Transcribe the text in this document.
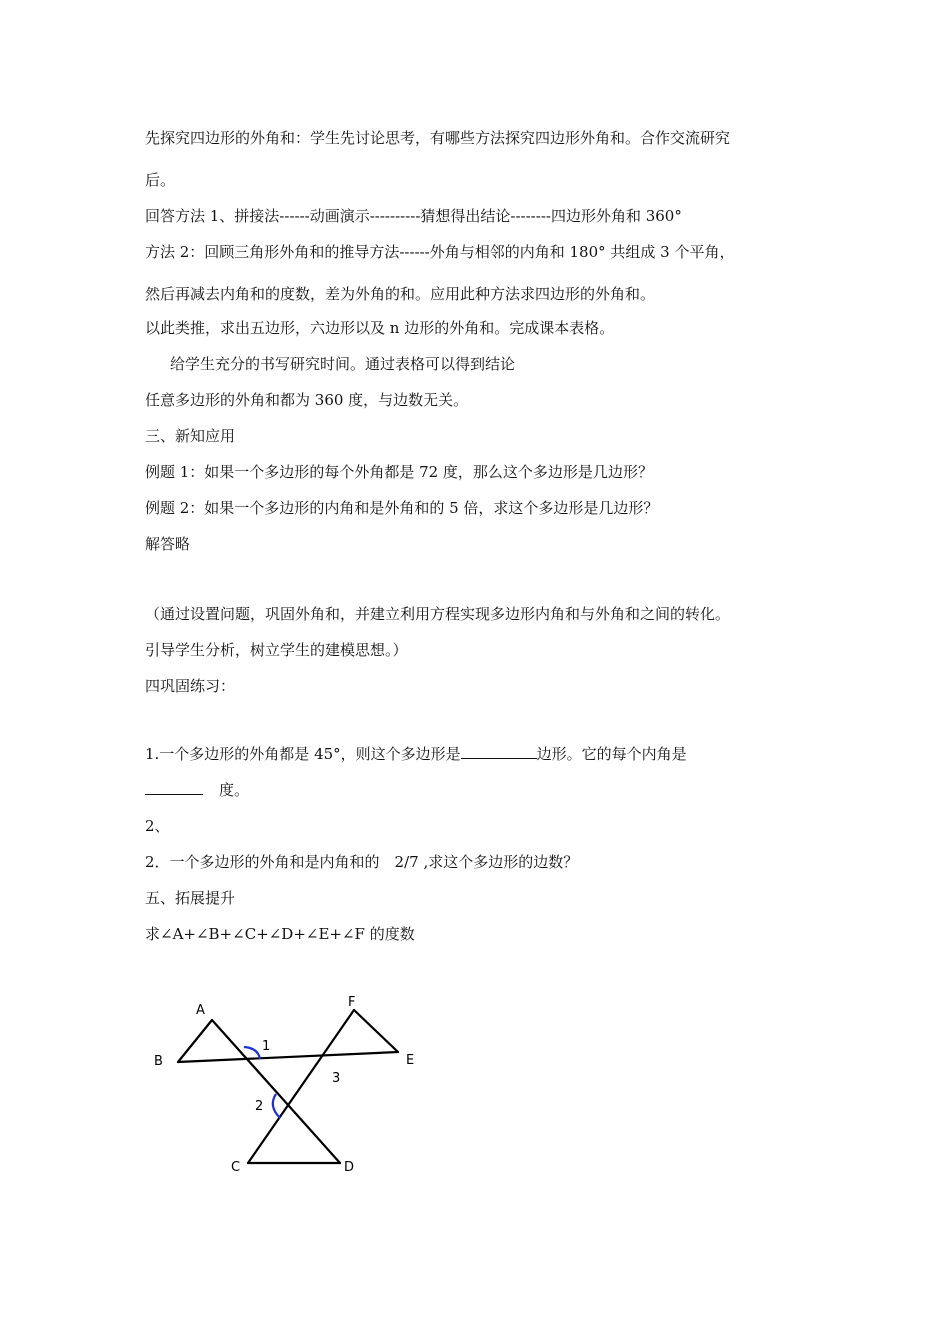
先探究四边形的外角和：学生先讨论思考，有哪些方法探究四边形外角和。合作交流研究
后。
回答方法 1、拼接法------动画演示----------猜想得出结论--------四边形外角和 360°
方法 2：回顾三角形外角和的推导方法------外角与相邻的内角和 180° 共组成 3 个平角，
然后再减去内角和的度数，差为外角的和。应用此种方法求四边形的外角和。
以此类推，求出五边形，六边形以及 n 边形的外角和。完成课本表格。
给学生充分的书写研究时间。通过表格可以得到结论
任意多边形的外角和都为 360 度，与边数无关。
三、新知应用
例题 1：如果一个多边形的每个外角都是 72 度，那么这个多边形是几边形？
例题 2：如果一个多边形的内角和是外角和的 5 倍，求这个多边形是几边形？
解答略
（通过设置问题，巩固外角和，并建立利用方程实现多边形内角和与外角和之间的转化。
引导学生分析，树立学生的建模思想。）
四巩固练习：
1.一个多边形的外角都是 45°，则这个多边形是	边形。它的每个内角是
度。
2、
2．一个多边形的外角和是内角和的　2/7 ,求这个多边形的边数？
五、拓展提升
求∠A+∠B+∠C+∠D+∠E+∠F 的度数
A
B
C	D
E
F
1
2
3
